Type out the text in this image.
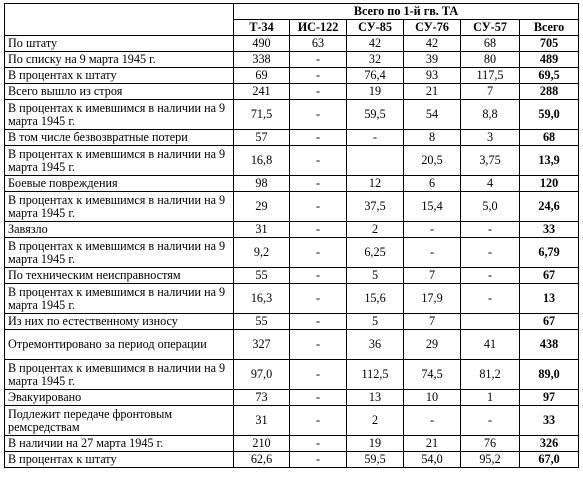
	Всего по 1-й гв. ТА					
	Т-34	ИС-122	СУ-85	СУ-76	СУ-57	Всего
По штату	490	63	42	42	68	705
По списку на 9 марта 1945 г.	338	-	32	39	80	489
В процентах к штату	69	-	76,4	93	117,5	69,5
Всего вышло из строя	241	-	19	21	7	288
В процентах к имевшимся в наличии на 9 марта 1945 г.	71,5	-	59,5	54	8,8	59,0
В том числе безвозвратные потери	57	-	-	8	3	68
В процентах к имевшимся в наличии на 9 марта 1945 г.	16,8	-		20,5	3,75	13,9
Боевые повреждения	98	-	12	6	4	120
В процентах к имевшимся в наличии на 9 марта 1945 г.	29	-	37,5	15,4	5,0	24,6
Завязло	31	-	2	-	-	33
В процентах к имевшимся в наличии на 9 марта 1945 г.	9,2	-	6,25	-	-	6,79
По техническим неисправностям	55	-	5	7	-	67
В процентах к имевшимся в наличии на 9 марта 1945 г.	16,3	-	15,6	17,9	-	13
Из них по естественному износу	55	-	5	7		67
Отремонтировано за период операции	327	-	36	29	41	438
В процентах к имевшимся в наличии на 9 марта 1945 г.	97,0	-	112,5	74,5	81,2	89,0
Эвакуировано	73	-	13	10	1	97
Подлежит передаче фронтовым ремсредствам	31	-	2	-	-	33
В наличии на 27 марта 1945 г.	210	-	19	21	76	326
В процентах к штату	62,6	-	59,5	54,0	95,2	67,0
